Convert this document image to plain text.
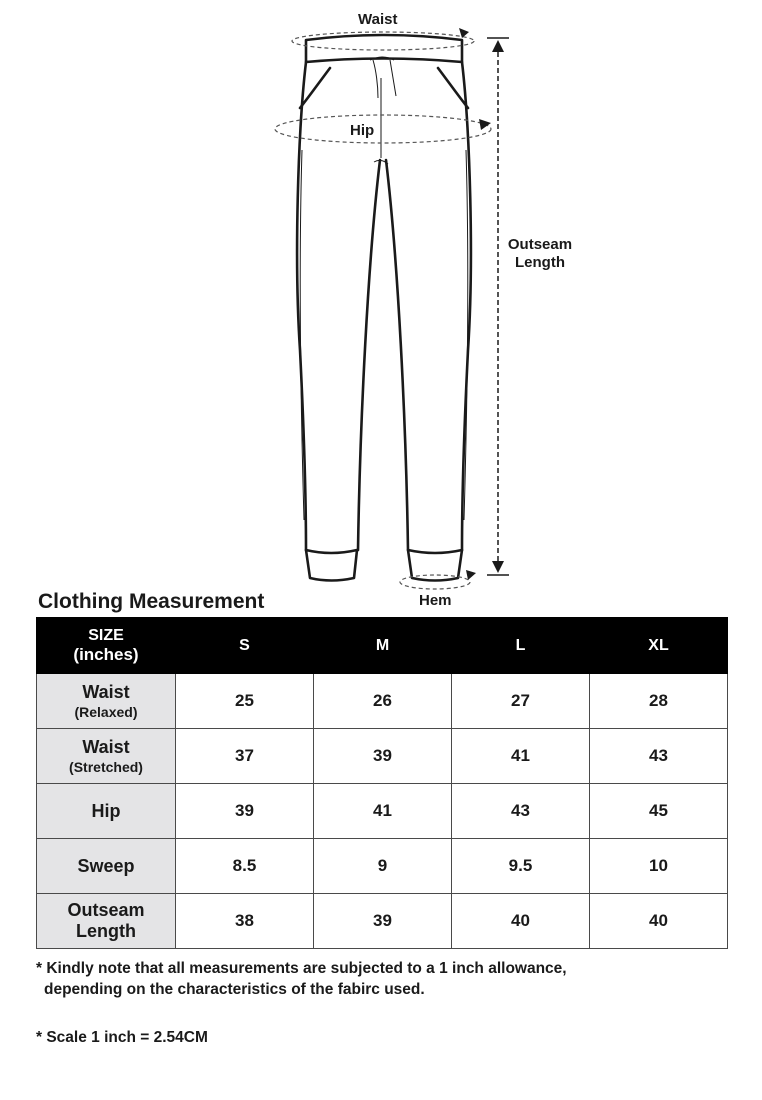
Waist
Hip
Outseam
Length
Hem
Clothing Measurement
SIZE
(inches)	S	M	L	XL

Waist
(Relaxed)	25	26	27	28

Waist
(Stretched)	37	39	41	43

Hip	39	41	43	45

Sweep	8.5	9	9.5	10

Outseam
Length	38	39	40	40
* Kindly note that all measurements are subjected to a 1 inch allowance,
depending on the characteristics of the fabirc used.
* Scale 1 inch = 2.54CM
